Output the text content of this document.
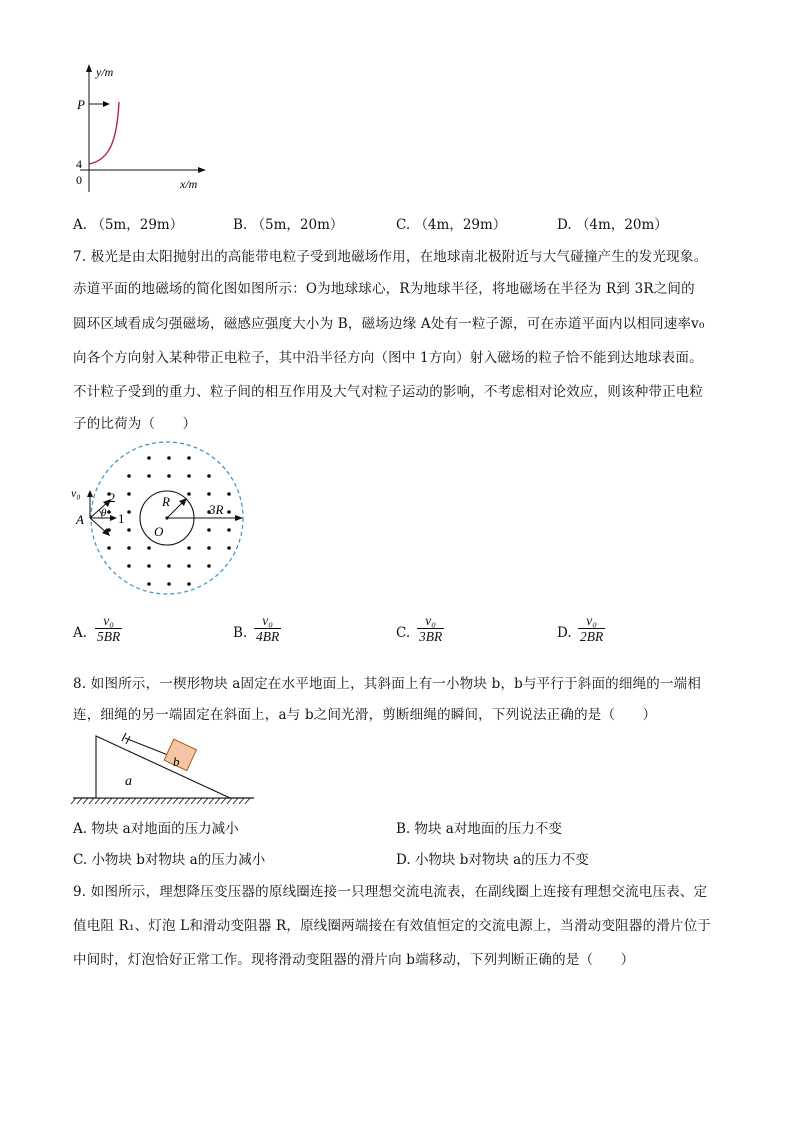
y/m
x/m
P
4
0
A. （5m，29m）	B. （5m，20m）	C. （4m，29m）	D. （4m，20m）
7. 极光是由太阳抛射出的高能带电粒子受到地磁场作用，在地球南北极附近与大气碰撞产生的发光现象。
赤道平面的地磁场的简化图如图所示：O为地球球心，R为地球半径，将地磁场在半径为 R到 3R之间的
圆环区域看成匀强磁场，磁感应强度大小为 B，磁场边缘 A处有一粒子源，可在赤道平面内以相同速率v₀
向各个方向射入某种带正电粒子，其中沿半径方向（图中 1方向）射入磁场的粒子恰不能到达地球表面。
不计粒子受到的重力、粒子间的相互作用及大气对粒子运动的影响，不考虑相对论效应，则该种带正电粒
子的比荷为（　　）
v₀
A	1
2
θ
R
O
3R
A. $\frac{\text{v₀}}{5BR}$	B. $\frac{\text{v₀}}{4BR}$	C. $\frac{\text{v₀}}{3BR}$	D. $\frac{\text{v₀}}{2BR}$
8. 如图所示，一楔形物块 a固定在水平地面上，其斜面上有一小物块 b，b与平行于斜面的细绳的一端相
连，细绳的另一端固定在斜面上，a与 b之间光滑，剪断细绳的瞬间，下列说法正确的是（　　）
b
a
A. 物块 a对地面的压力减小	B. 物块 a对地面的压力不变
C. 小物块 b对物块 a的压力减小	D. 小物块 b对物块 a的压力不变
9. 如图所示，理想降压变压器的原线圈连接一只理想交流电流表，在副线圈上连接有理想交流电压表、定
值电阻 R₁、灯泡 L和滑动变阻器 R，原线圈两端接在有效值恒定的交流电源上，当滑动变阻器的滑片位于
中间时，灯泡恰好正常工作。现将滑动变阻器的滑片向 b端移动，下列判断正确的是（　　）
